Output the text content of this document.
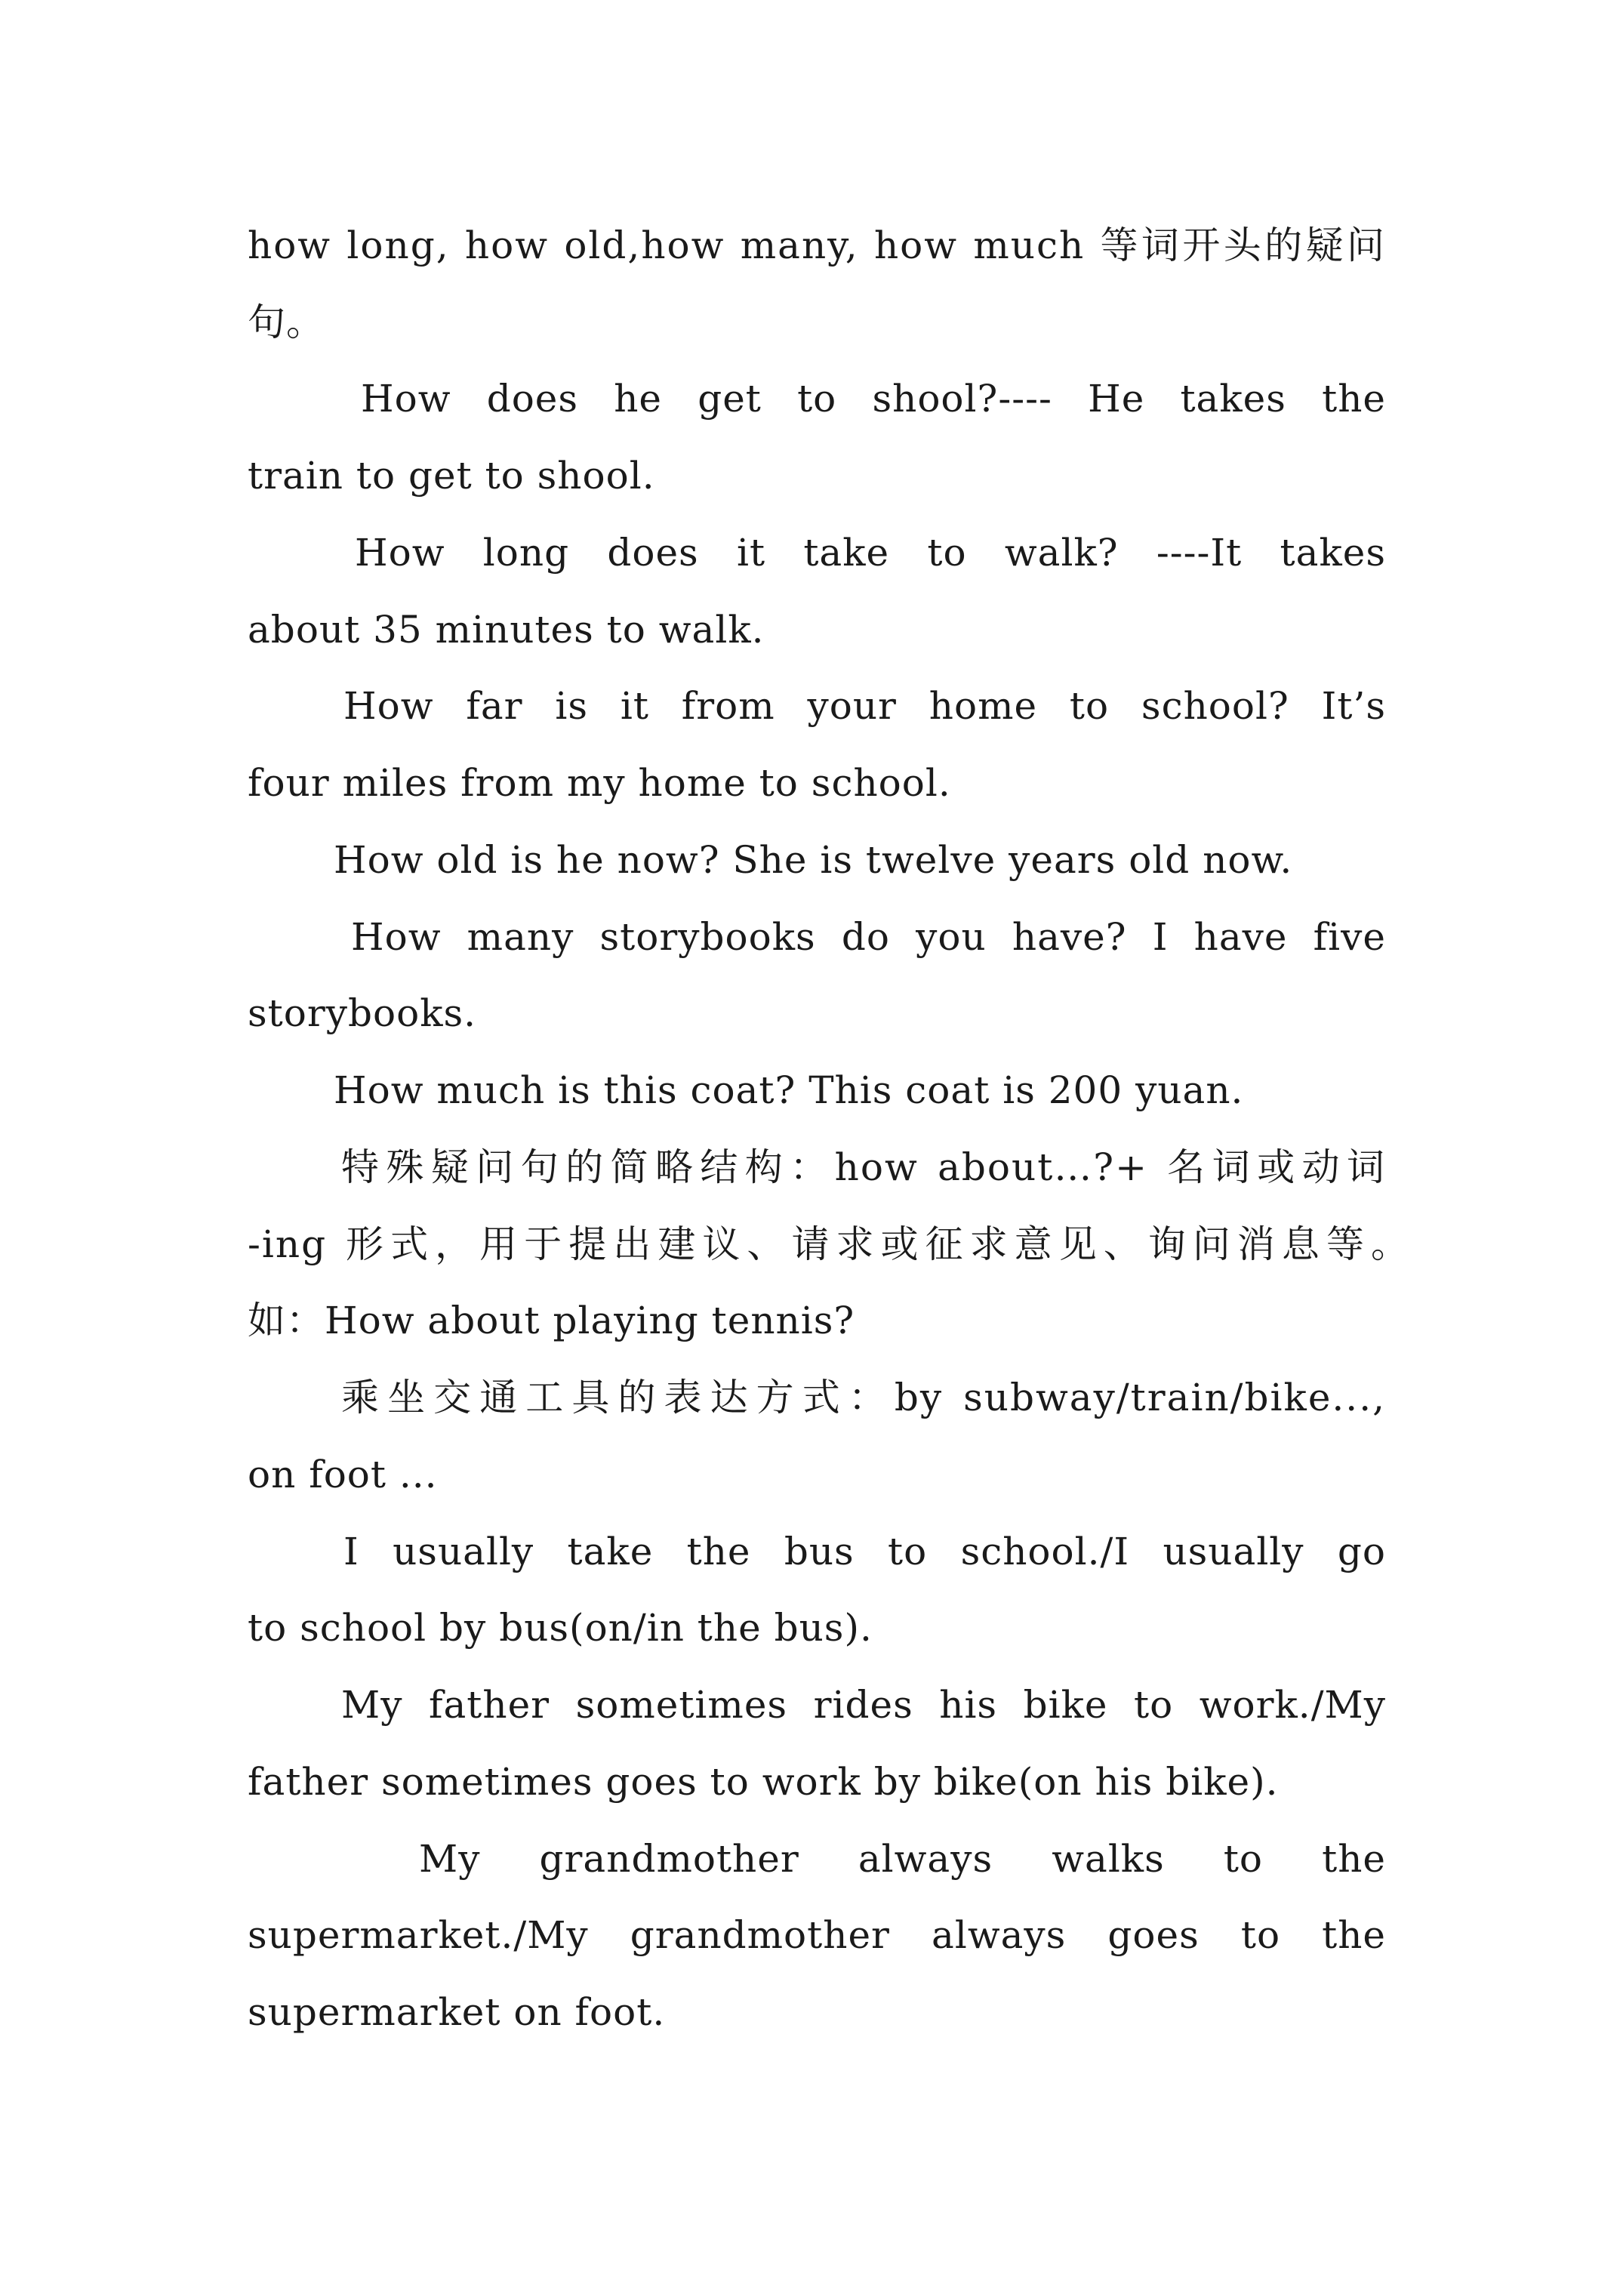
how long, how old,how many, how much 等词开头的疑问
句。
How does he get to shool?---- He takes the
train to get to shool.
How long does it take to walk? ----It takes
about 35 minutes to walk.
How far is it from your home to school? It’s
four miles from my home to school.
How old is he now? She is twelve years old now.
How many storybooks do you have? I have five
storybooks.
How much is this coat? This coat is 200 yuan.
特殊疑问句的简略结构：how about…?+ 名词或动词
-ing 形式，用于提出建议、请求或征求意见、询问消息等。
如：How about playing tennis?
乘坐交通工具的表达方式：by subway/train/bike...,
on foot ...
I usually take the bus to school./I usually go
to school by bus(on/in the bus).
My father sometimes rides his bike to work./My
father sometimes goes to work by bike(on his bike).
My grandmother always walks to the
supermarket./My grandmother always goes to the
supermarket on foot.
